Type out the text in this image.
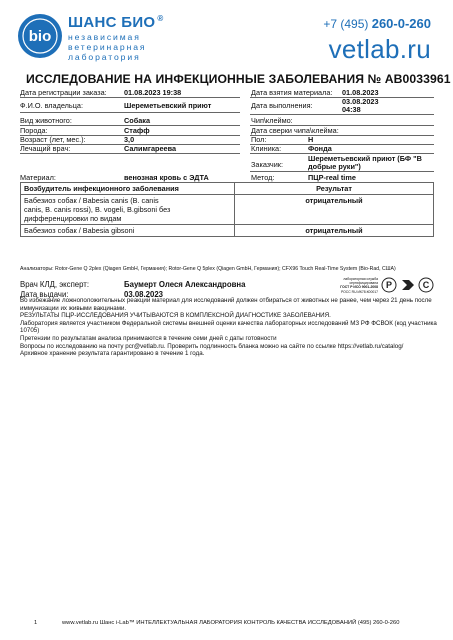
bio
ШАНС БИО ®
независимая
ветеринарная
лаборатория
+7 (495) 260-0-260
vetlab.ru
ИССЛЕДОВАНИЕ НА ИНФЕКЦИОННЫЕ ЗАБОЛЕВАНИЯ № АВ0033961
Дата регистрации заказа: 01.08.2023 19:38
Ф.И.О. владельца:	Шереметьевский приют
Вид животного:	Собака
Порода:	Стафф
Возраст (лет, мес.):	3,0
Лечащий врач:	Салимгареева
Дата взятия материала: 01.08.2023
Дата выполнения:	03.08.2023
04:38
Чип\клеймо:
Дата сверки чипа\клейма:
Пол:	Н
Клиника:	Фонда
Заказчик:
Шереметьевский приют (БФ "В
добрые руки")
Материал:	венозная кровь с ЭДТА	Метод:	ПЦР-real time
Возбудитель инфекционного заболевания	Результат

Бабезиоз собак / Babesia canis (B. canis
canis, B. canis rossi), B. vogeli, B.gibsoni без
дифференцировки по видам	отрицательный
Бабезиоз собак / Babesia gibsoni	отрицательный
Анализаторы: Rotor-Gene Q 2plex (Qiagen GmbH, Германия); Rotor-Gene Q 5plex (Qiagen GmbH, Германия); CFX96 Touch Real-Time System (Bio-Rad, США)
Врач КЛД, эксперт:	Баумерт Олеся Александровна
Дата выдачи:	03.08.2023
лабораторная служба сертифицирована
ГОСТ Р ИСО 9001-2008
РОСС RU.ИК78.К00017
Р	С
Во избежание ложноположительных реакций материал для исследований должен отбираться от животных не ранее, чем через 21 день после
иммунизации их живыми вакцинами.
РЕЗУЛЬТАТЫ ПЦР-ИССЛЕДОВАНИЯ УЧИТЫВАЮТСЯ В КОМПЛЕКСНОЙ ДИАГНОСТИКЕ ЗАБОЛЕВАНИЯ.
Лаборатория является участником Федеральной системы внешней оценки качества лабораторных исследований МЗ РФ ФСВОК (код участника 10705)
Претензии по результатам анализа принимаются в течение семи дней с даты готовности
Вопросы по исследованию на почту pcr@vetlab.ru. Проверить подлинность бланка можно на сайте по ссылке https://vetlab.ru/catalog/
Архивное хранение результата гарантировано в течение 1 года.
1	www.vetlab.ru Шанс i-Lab™ ИНТЕЛЛЕКТУАЛЬНАЯ ЛАБОРАТОРИЯ КОНТРОЛЬ КАЧЕСТВА ИССЛЕДОВАНИЙ (495) 260-0-260
